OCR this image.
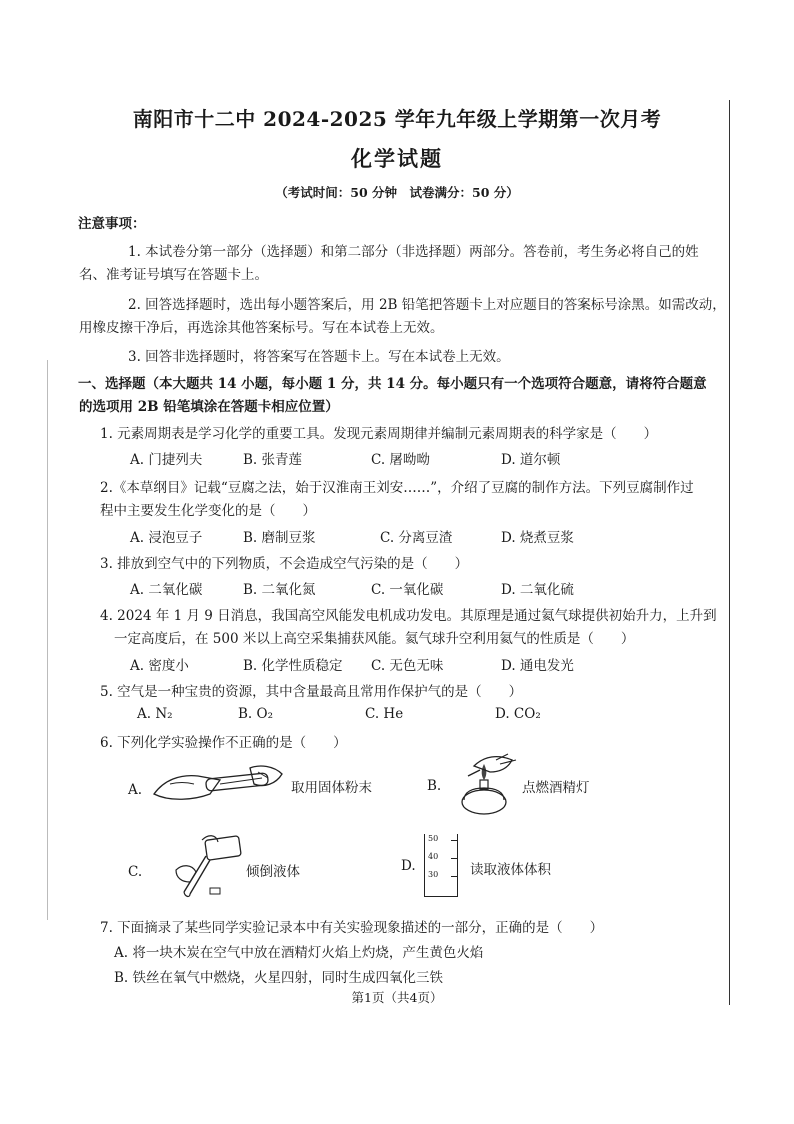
南阳市十二中 2024-2025 学年九年级上学期第一次月考
化学试题
（考试时间：50 分钟　试卷满分：50 分）
注意事项：
1. 本试卷分第一部分（选择题）和第二部分（非选择题）两部分。答卷前，考生务必将自己的姓
名、准考证号填写在答题卡上。
2. 回答选择题时，选出每小题答案后，用 2B 铅笔把答题卡上对应题目的答案标号涂黑。如需改动，
用橡皮擦干净后，再选涂其他答案标号。写在本试卷上无效。
3. 回答非选择题时，将答案写在答题卡上。写在本试卷上无效。
一、选择题（本大题共 14 小题，每小题 1 分，共 14 分。每小题只有一个选项符合题意，请将符合题意
的选项用 2B 铅笔填涂在答题卡相应位置）
1. 元素周期表是学习化学的重要工具。发现元素周期律并编制元素周期表的科学家是（　　）
A. 门捷列夫	B. 张青莲	C. 屠呦呦	D. 道尔顿
2.《本草纲目》记载“豆腐之法，始于汉淮南王刘安……”，介绍了豆腐的制作方法。下列豆腐制作过
程中主要发生化学变化的是（　　）
A. 浸泡豆子	B. 磨制豆浆	C. 分离豆渣	D. 烧煮豆浆
3. 排放到空气中的下列物质，不会造成空气污染的是（　　）
A. 二氧化碳	B. 二氧化氮	C. 一氧化碳	D. 二氧化硫
4. 2024 年 1 月 9 日消息，我国高空风能发电机成功发电。其原理是通过氦气球提供初始升力，上升到
一定高度后，在 500 米以上高空采集捕获风能。氦气球升空利用氦气的性质是（　　）
A. 密度小	B. 化学性质稳定 C. 无色无味	D. 通电发光
5. 空气是一种宝贵的资源，其中含量最高且常用作保护气的是（　　）
A. N₂	B. O₂	C. He	D. CO₂
6. 下列化学实验操作不正确的是（　　）
A.	取用固体粉末	B.	点燃酒精灯
C.	倾倒液体	D.
50
40
30 读取液体体积
7. 下面摘录了某些同学实验记录本中有关实验现象描述的一部分，正确的是（　　）
A. 将一块木炭在空气中放在酒精灯火焰上灼烧，产生黄色火焰
B. 铁丝在氧气中燃烧，火星四射，同时生成四氧化三铁
第1页（共4页）
